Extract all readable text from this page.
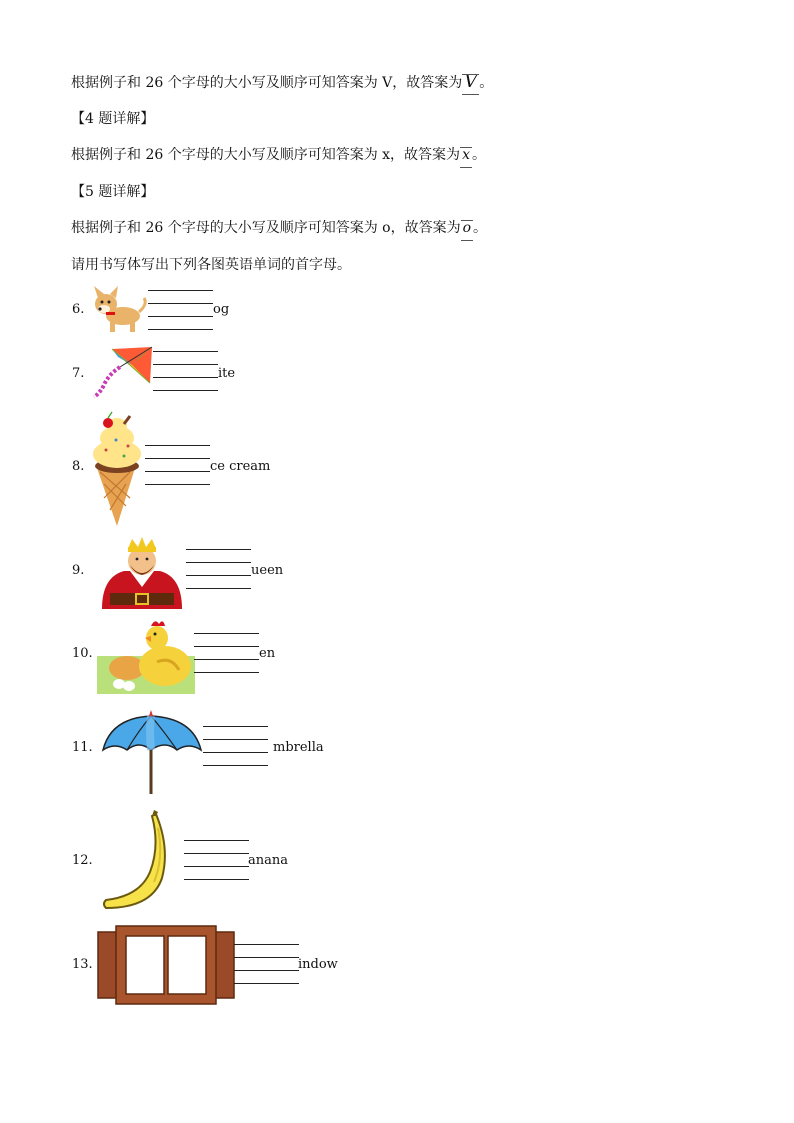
根据例子和 26 个字母的大小写及顺序可知答案为 V，故答案为 V 。
【4 题详解】
根据例子和 26 个字母的大小写及顺序可知答案为 x，故答案为 x 。
【5 题详解】
根据例子和 26 个字母的大小写及顺序可知答案为 o，故答案为 o 。
请用书写体写出下列各图英语单词的首字母。
6.	og
7.	ite
8.	ce cream
9.	ueen
10.	en
11.	mbrella
12.	anana
13.	indow
